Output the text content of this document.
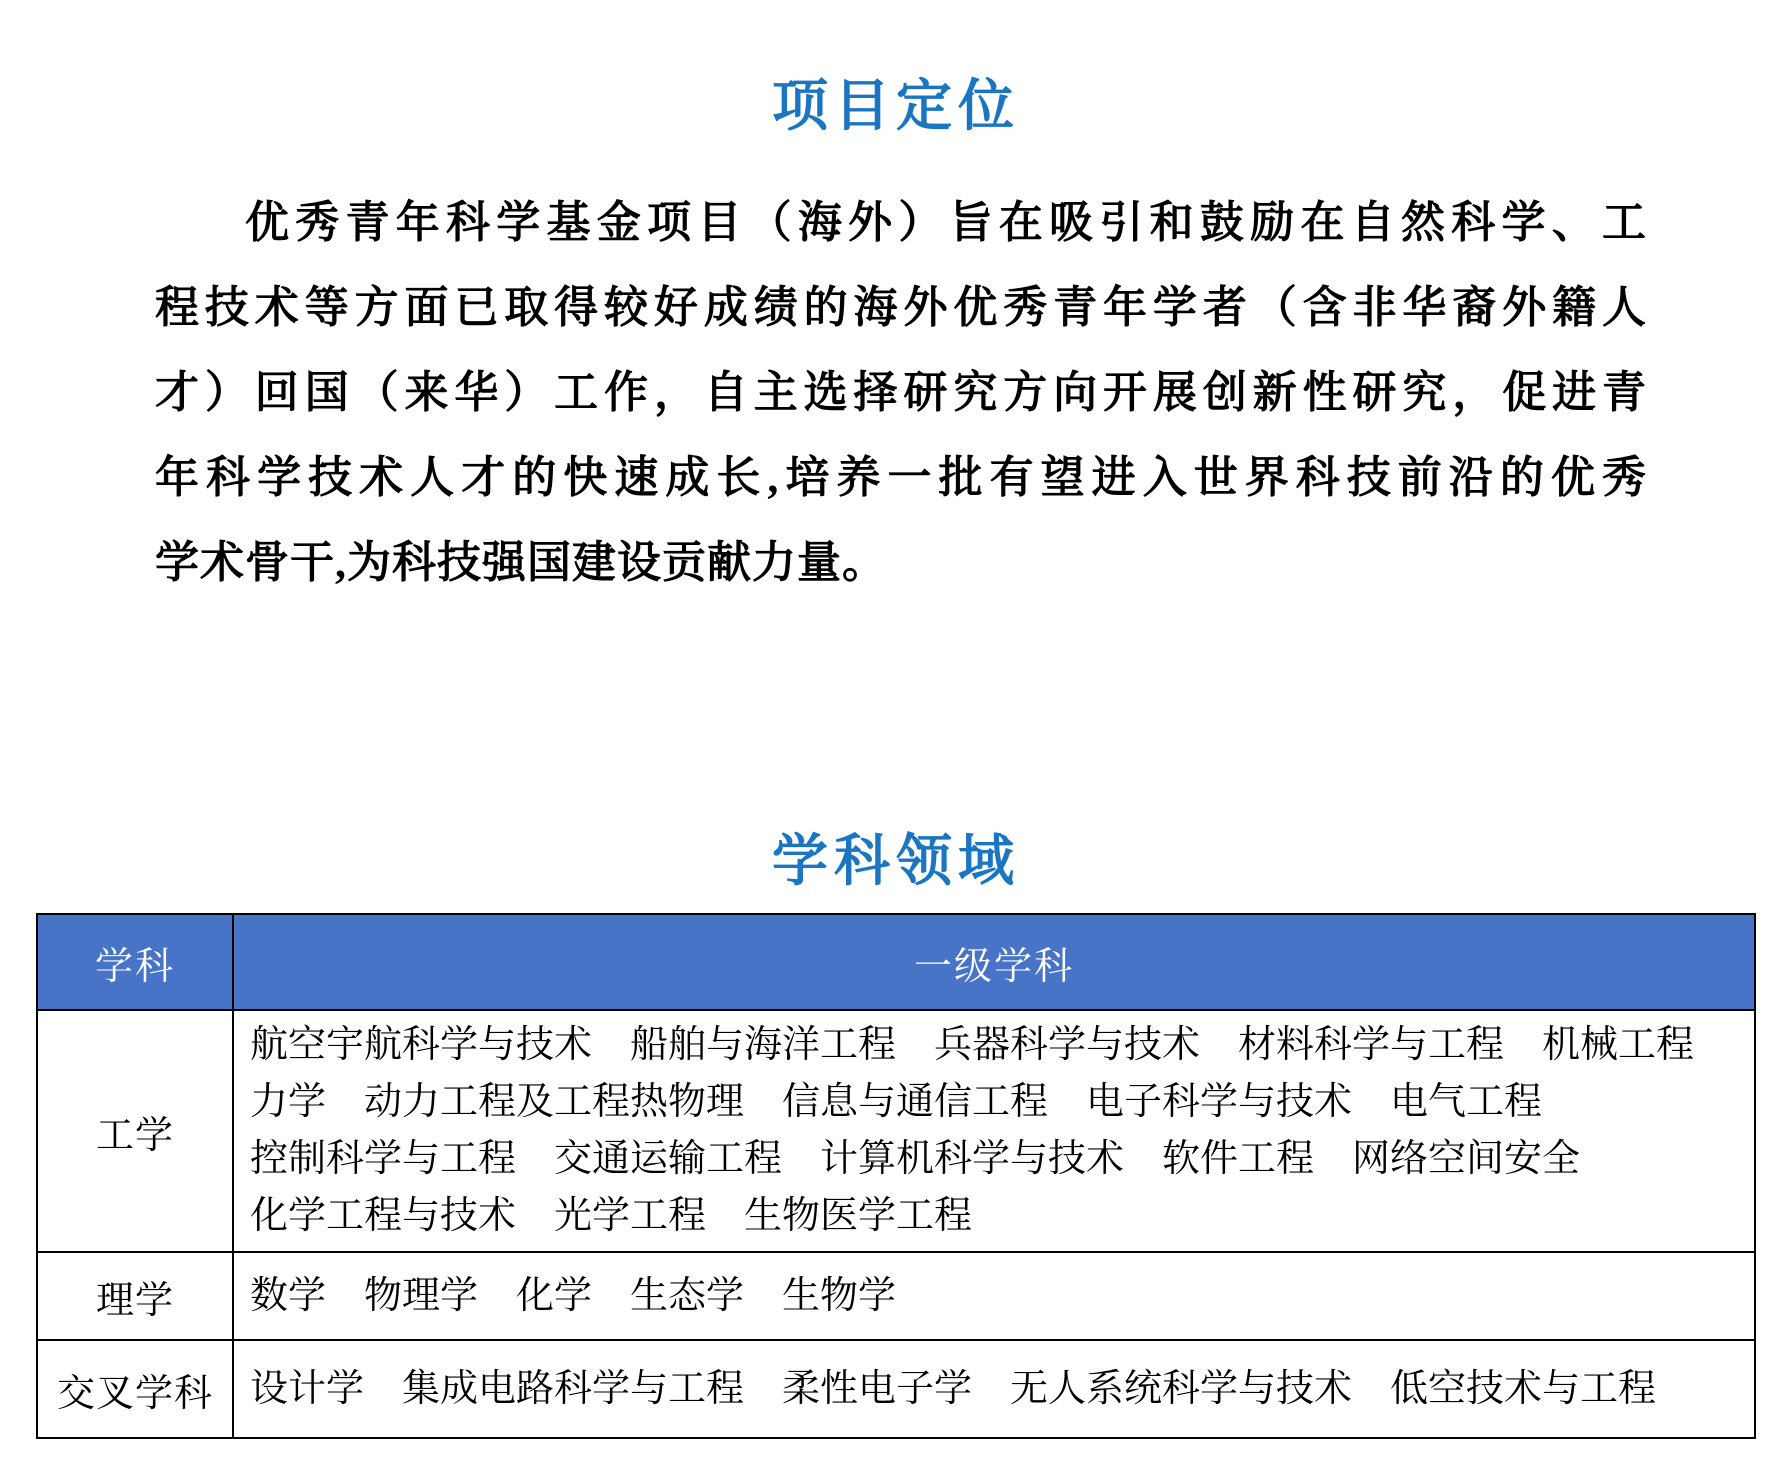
项目定位
优秀青年科学基金项目（海外）旨在吸引和鼓励在自然科学、工
程技术等方面已取得较好成绩的海外优秀青年学者（含非华裔外籍人
才）回国（来华）工作，自主选择研究方向开展创新性研究，促进青
年科学技术人才的快速成长,培养一批有望进入世界科技前沿的优秀
学术骨干,为科技强国建设贡献力量。
学科领域
学科	一级学科
工学	航空宇航科学与技术　船舶与海洋工程　兵器科学与技术　材料科学与工程　机械工程
力学　动力工程及工程热物理　信息与通信工程　电子科学与技术　电气工程
控制科学与工程　交通运输工程　计算机科学与技术　软件工程　网络空间安全
化学工程与技术　光学工程　生物医学工程

理学	数学　物理学　化学　生态学　生物学

交叉学科	设计学　集成电路科学与工程　柔性电子学　无人系统科学与技术　低空技术与工程
